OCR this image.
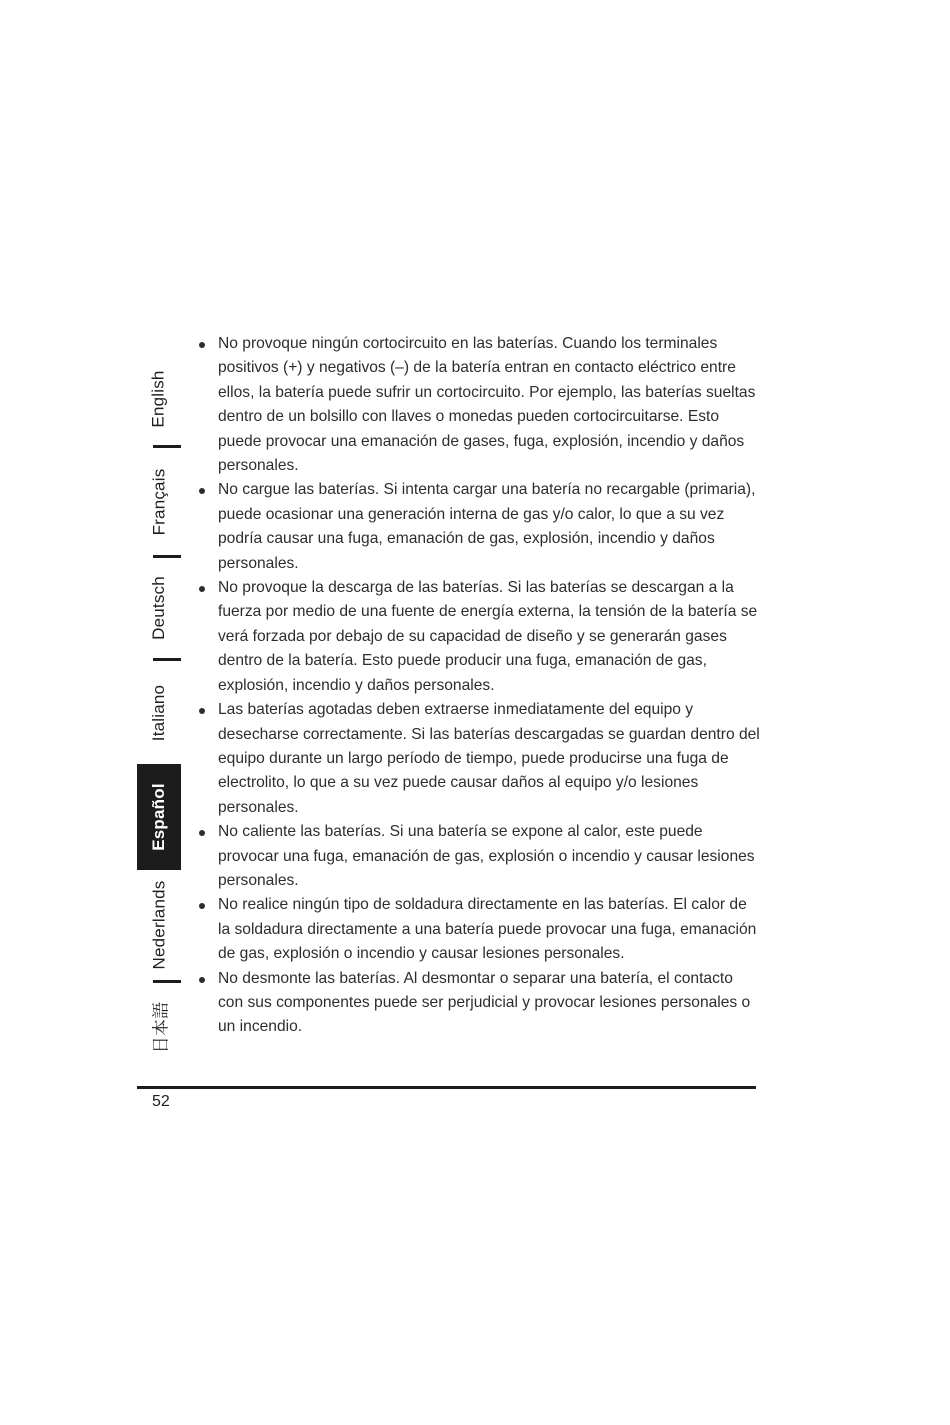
English
Français
Deutsch
Italiano
Español
Nederlands
日本語
No provoque ningún cortocircuito en las baterías. Cuando los terminales positivos (+) y negativos (–) de la batería entran en contacto eléctrico entre ellos, la batería puede sufrir un cortocircuito. Por ejemplo, las baterías sueltas dentro de un bolsillo con llaves o monedas pueden cortocircuitarse. Esto puede provocar una emanación de gases, fuga, explosión, incendio y daños personales.
No cargue las baterías. Si intenta cargar una batería no recargable (primaria), puede ocasionar una generación interna de gas y/o calor, lo que a su vez podría causar una fuga, emanación de gas, explosión, incendio y daños personales.
No provoque la descarga de las baterías. Si las baterías se descargan a la fuerza por medio de una fuente de energía externa, la tensión de la batería se verá forzada por debajo de su capacidad de diseño y se generarán gases dentro de la batería. Esto puede producir una fuga, emanación de gas, explosión, incendio y daños personales.
Las baterías agotadas deben extraerse inmediatamente del equipo y desecharse correctamente. Si las baterías descargadas se guardan dentro del equipo durante un largo período de tiempo, puede producirse una fuga de electrolito, lo que a su vez puede causar daños al equipo y/o lesiones personales.
No caliente las baterías. Si una batería se expone al calor, este puede provocar una fuga, emanación de gas, explosión o incendio y causar lesiones personales.
No realice ningún tipo de soldadura directamente en las baterías. El calor de la soldadura directamente a una batería puede provocar una fuga, emanación de gas, explosión o incendio y causar lesiones personales.
No desmonte las baterías. Al desmontar o separar una batería, el contacto con sus componentes puede ser perjudicial y provocar lesiones personales o un incendio.
52
